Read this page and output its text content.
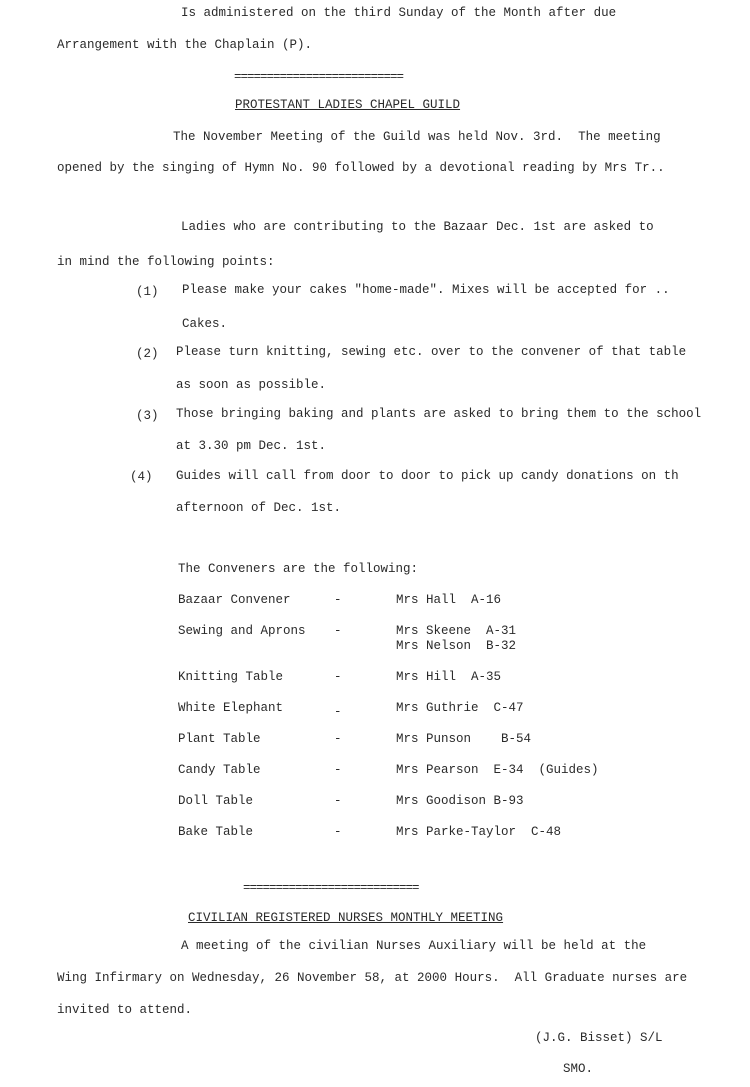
Is administered on the third Sunday of the Month after due
Arrangement with the Chaplain (P).
==========================
PROTESTANT LADIES CHAPEL GUILD
The November Meeting of the Guild was held Nov. 3rd.  The meeting
opened by the singing of Hymn No. 90 followed by a devotional reading by Mrs Tr..
Ladies who are contributing to the Bazaar Dec. 1st are asked to
in mind the following points:
(1) Please make your cakes "home-made". Mixes will be accepted for ..
Cakes.
(2) Please turn knitting, sewing etc. over to the convener of that table
as soon as possible.
(3) Those bringing baking and plants are asked to bring them to the school
at 3.30 pm Dec. 1st.
(4) Guides will call from door to door to pick up candy donations on th
afternoon of Dec. 1st.
The Conveners are the following:
Bazaar Convener	-	Mrs Hall  A-16
Sewing and Aprons -	Mrs Skeene  A-31
Mrs Nelson  B-32
Knitting Table	-	Mrs Hill  A-35
White Elephant	-	Mrs Guthrie  C-47
Plant Table	-	Mrs Punson    B-54
Candy Table	-	Mrs Pearson  E-34  (Guides)
Doll Table	-	Mrs Goodison B-93
Bake Table	-	Mrs Parke-Taylor  C-48
===========================
CIVILIAN REGISTERED NURSES MONTHLY MEETING
A meeting of the civilian Nurses Auxiliary will be held at the
Wing Infirmary on Wednesday, 26 November 58, at 2000 Hours.  All Graduate nurses are
invited to attend.
(J.G. Bisset) S/L
SMO.
